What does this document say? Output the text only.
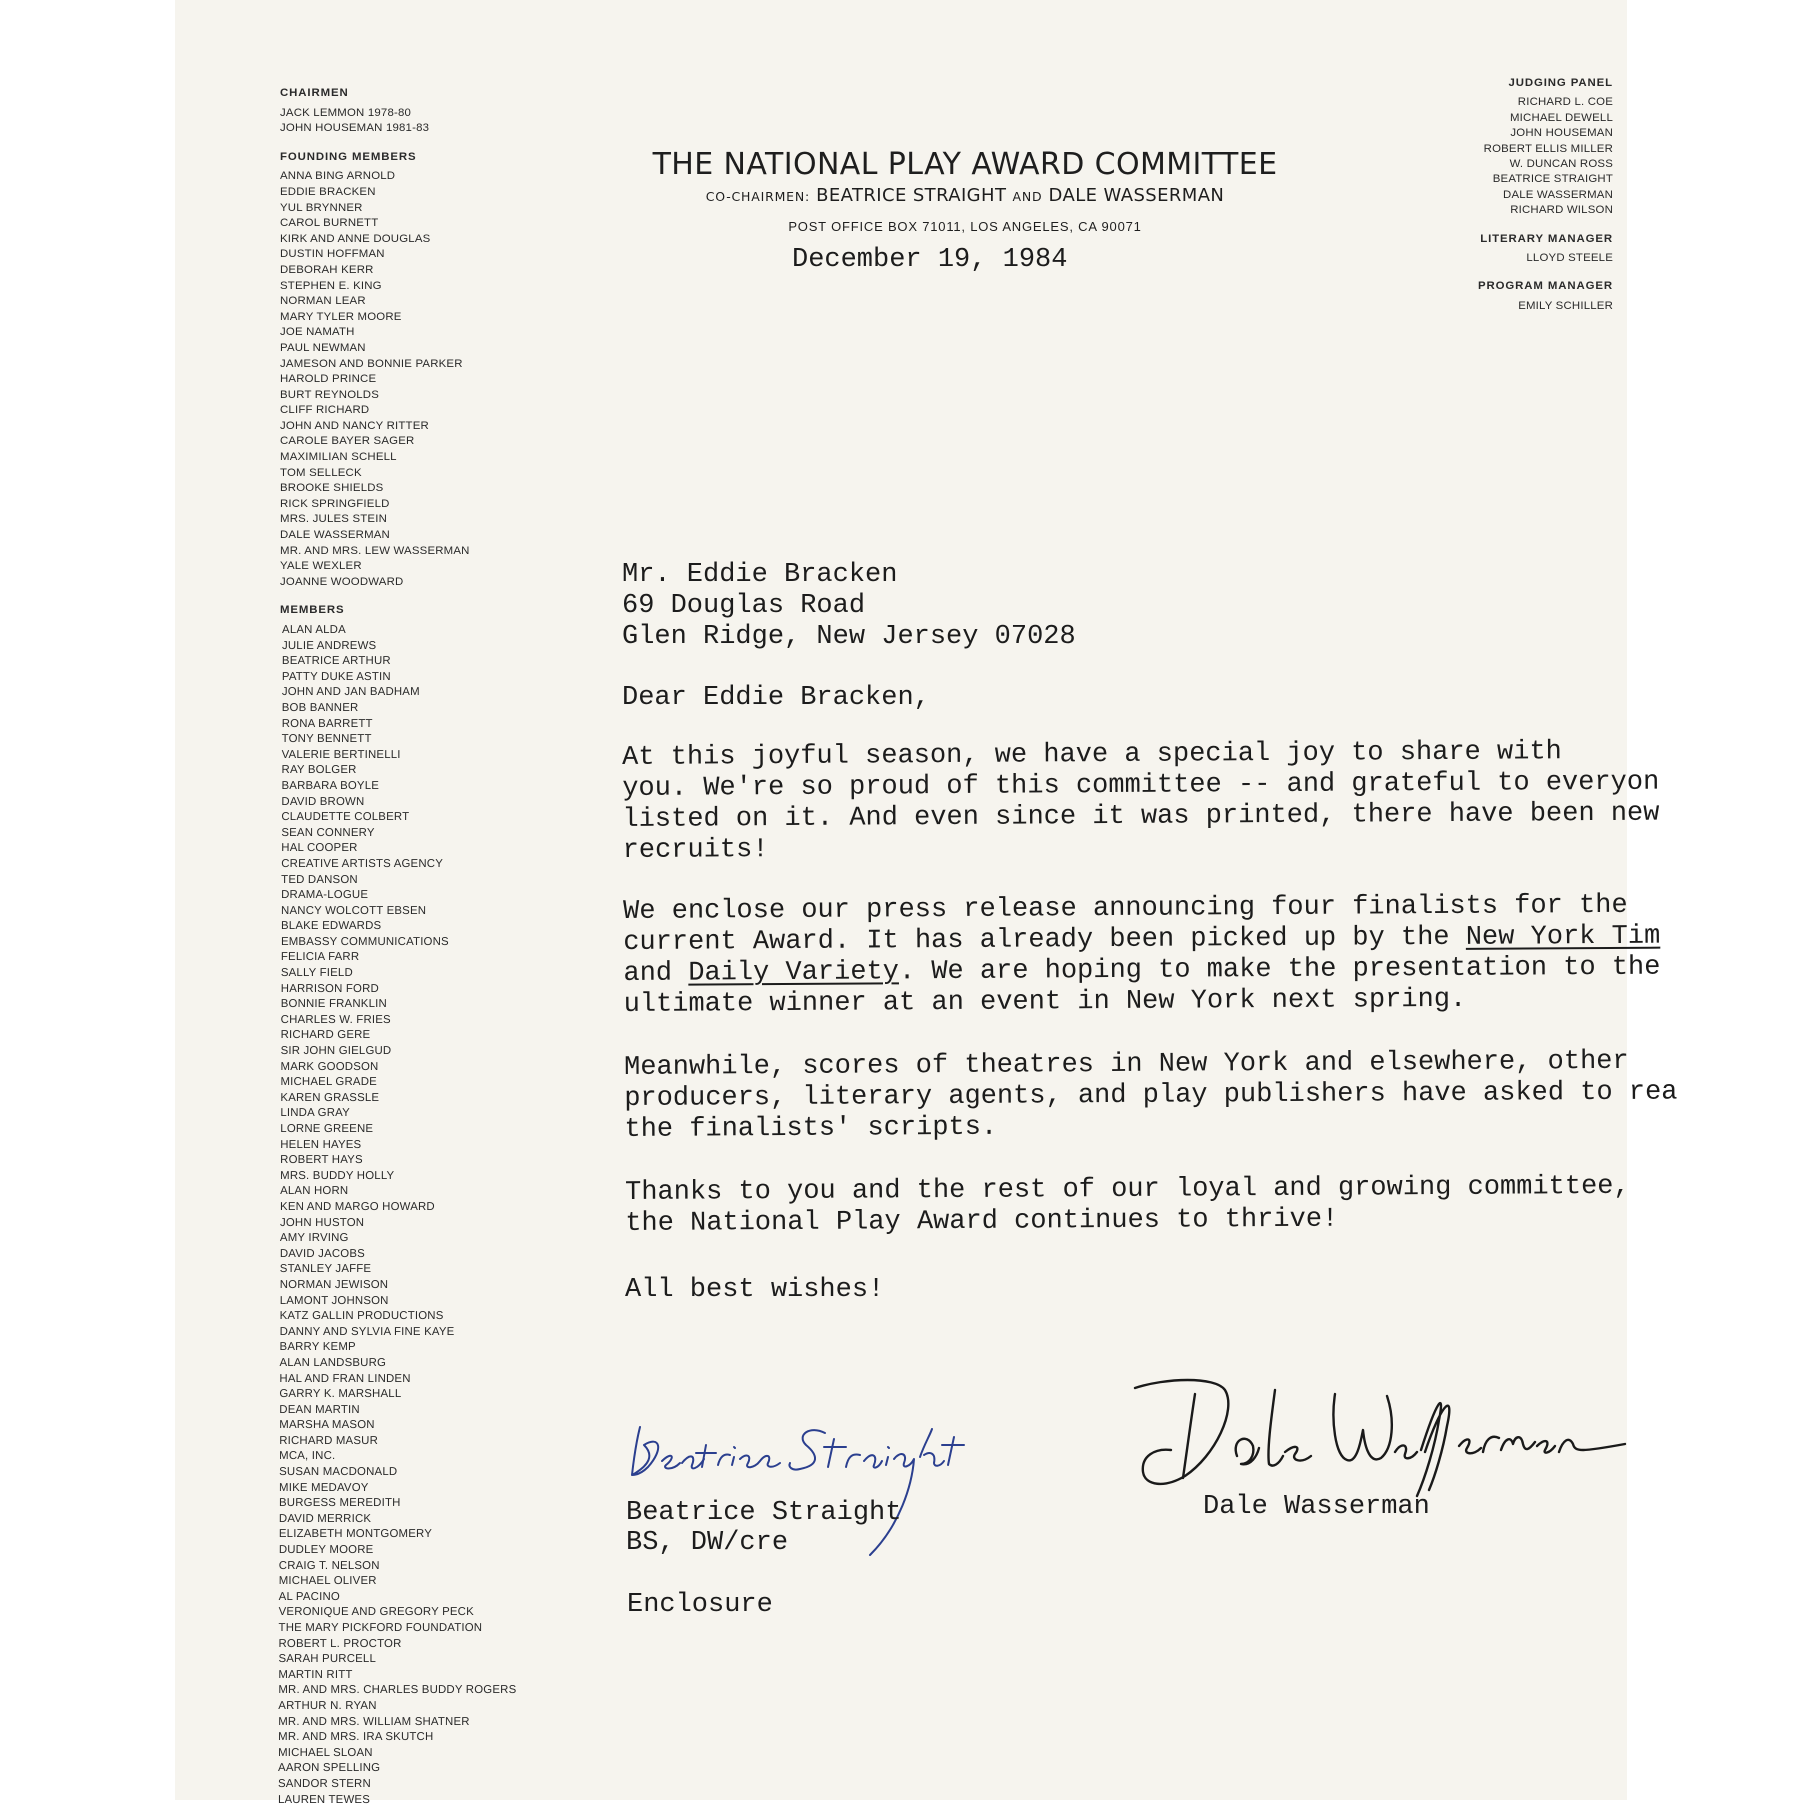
CHAIRMEN
JACK LEMMON 1978-80
JOHN HOUSEMAN 1981-83
FOUNDING MEMBERS
ANNA BING ARNOLD
EDDIE BRACKEN
YUL BRYNNER
CAROL BURNETT
KIRK AND ANNE DOUGLAS
DUSTIN HOFFMAN
DEBORAH KERR
STEPHEN E. KING
NORMAN LEAR
MARY TYLER MOORE
JOE NAMATH
PAUL NEWMAN
JAMESON AND BONNIE PARKER
HAROLD PRINCE
BURT REYNOLDS
CLIFF RICHARD
JOHN AND NANCY RITTER
CAROLE BAYER SAGER
MAXIMILIAN SCHELL
TOM SELLECK
BROOKE SHIELDS
RICK SPRINGFIELD
MRS. JULES STEIN
DALE WASSERMAN
MR. AND MRS. LEW WASSERMAN
YALE WEXLER
JOANNE WOODWARD
MEMBERS
ALAN ALDA
JULIE ANDREWS
BEATRICE ARTHUR
PATTY DUKE ASTIN
JOHN AND JAN BADHAM
BOB BANNER
RONA BARRETT
TONY BENNETT
VALERIE BERTINELLI
RAY BOLGER
BARBARA BOYLE
DAVID BROWN
CLAUDETTE COLBERT
SEAN CONNERY
HAL COOPER
CREATIVE ARTISTS AGENCY
TED DANSON
DRAMA-LOGUE
NANCY WOLCOTT EBSEN
BLAKE EDWARDS
EMBASSY COMMUNICATIONS
FELICIA FARR
SALLY FIELD
HARRISON FORD
BONNIE FRANKLIN
CHARLES W. FRIES
RICHARD GERE
SIR JOHN GIELGUD
MARK GOODSON
MICHAEL GRADE
KAREN GRASSLE
LINDA GRAY
LORNE GREENE
HELEN HAYES
ROBERT HAYS
MRS. BUDDY HOLLY
ALAN HORN
KEN AND MARGO HOWARD
JOHN HUSTON
AMY IRVING
DAVID JACOBS
STANLEY JAFFE
NORMAN JEWISON
LAMONT JOHNSON
KATZ GALLIN PRODUCTIONS
DANNY AND SYLVIA FINE KAYE
BARRY KEMP
ALAN LANDSBURG
HAL AND FRAN LINDEN
GARRY K. MARSHALL
DEAN MARTIN
MARSHA MASON
RICHARD MASUR
MCA, INC.
SUSAN MACDONALD
MIKE MEDAVOY
BURGESS MEREDITH
DAVID MERRICK
ELIZABETH MONTGOMERY
DUDLEY MOORE
CRAIG T. NELSON
MICHAEL OLIVER
AL PACINO
VERONIQUE AND GREGORY PECK
THE MARY PICKFORD FOUNDATION
ROBERT L. PROCTOR
SARAH PURCELL
MARTIN RITT
MR. AND MRS. CHARLES BUDDY ROGERS
ARTHUR N. RYAN
MR. AND MRS. WILLIAM SHATNER
MR. AND MRS. IRA SKUTCH
MICHAEL SLOAN
AARON SPELLING
SANDOR STERN
LAUREN TEWES
JUDGING PANEL
RICHARD L. COE
MICHAEL DEWELL
JOHN HOUSEMAN
ROBERT ELLIS MILLER
W. DUNCAN ROSS
BEATRICE STRAIGHT
DALE WASSERMAN
RICHARD WILSON
LITERARY MANAGER
LLOYD STEELE
PROGRAM MANAGER
EMILY SCHILLER
THE NATIONAL PLAY AWARD COMMITTEE
CO-CHAIRMEN: BEATRICE STRAIGHT AND DALE WASSERMAN
POST OFFICE BOX 71011, LOS ANGELES, CA 90071
December 19, 1984
Mr. Eddie Bracken
69 Douglas Road
Glen Ridge, New Jersey 07028
Dear Eddie Bracken,
At this joyful season, we have a special joy to share with
you. We're so proud of this committee -- and grateful to everyon
listed on it. And even since it was printed, there have been new
recruits!
We enclose our press release announcing four finalists for the
current Award. It has already been picked up by the New York Tim
and Daily Variety. We are hoping to make the presentation to the
ultimate winner at an event in New York next spring.
Meanwhile, scores of theatres in New York and elsewhere, other
producers, literary agents, and play publishers have asked to rea
the finalists' scripts.
Thanks to you and the rest of our loyal and growing committee,
the National Play Award continues to thrive!
All best wishes!
Beatrice Straight	Dale Wasserman
BS, DW/cre
Enclosure
